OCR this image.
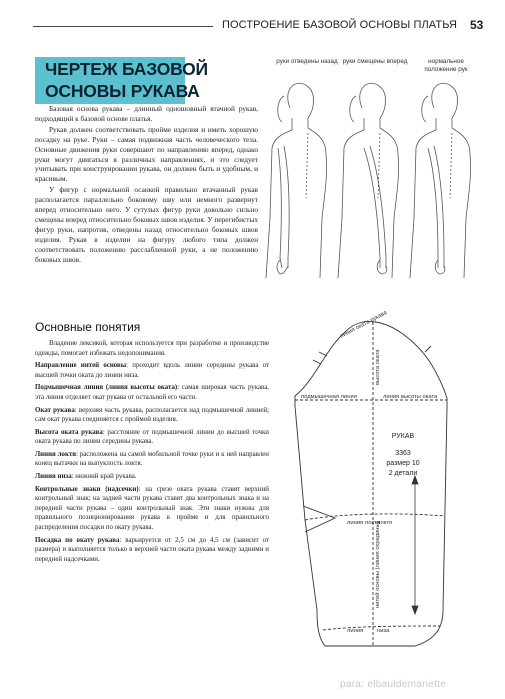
ПОСТРОЕНИЕ БАЗОВОЙ ОСНОВЫ ПЛАТЬЯ 53
ЧЕРТЕЖ БАЗОВОЙ
ОСНОВЫ РУКАВА

Базовая основа рукава – длинный одношовный втачной рукав, подходящий к базовой основе платья.

Рукав должен соответствовать пройме изделия и иметь хорошую посадку на руке. Руки – самая подвижная часть человеческого тела. Основные движения руки совершают по направлению вперед, однако руки могут двигаться в различных направлениях, и это следует учитывать при конструировании рукава, он должен быть и удобным, и красивым.

У фигур с нормальной осанкой правильно втачанный рукав располагается параллельно боковому шву или немного развернут вперед относительно него. У сутулых фигур руки довольно сильно смещены вперед относительно боковых швов изделия. У перегибистых фигур руки, напротив, отведены назад относительно боковых швов изделия. Рукав в изделии на фигуру любого типа должен соответствовать положению расслабленной руки, а не положению боковых швов.

руки отведены назад руки смещены вперед	нормальное положение рук
Основные понятия

Владение лексикой, которая используется при разработке и производстве одежды, помогает избежать недопонимания.

Направление нитей основы: проходит вдоль линии середины рукава от высшей точки оката до линии низа.

Подмышечная линия (линия высоты оката): самая широкая часть рукава, эта линия отделяет окат рукава от остальной его части.

Окат рукава: верхняя часть рукава, располагается над подмышечной линией; сам окат рукава соединяется с проймой изделия.

Высота оката рукава: расстояние от подмышечной линии до высшей точки оката рукава по линии середины рукава.

Линия локтя: расположена на самой мобильной точке руки и к ней направлен конец вытачки на выпуклость локтя.

Линия низа: нижний край рукава.

Контрольные знаки (надсечки): на срезе оката рукава ставят верхний контрольный знак; на задней части рукава ставят два контрольных знака и на передней части рукава – один контрольный знак. Эти знаки нужны для правильного позиционирования рукава в пройме и для правильного распределения посадки по окату рукава.

Посадка по окату рукава: варьируется от 2,5 см до 4,5 см (зависит от размера) и выполняется только в верхней части оката рукава между задними и передней надсечками.

линия оката рукава
высота оката
подмышечная линия	линия высоты оката
локтя
линия локтя
нитей основы (линия середины)
линия низа
РУКАВ
3363
размер 10
2 детали
para: elbauldemariette
